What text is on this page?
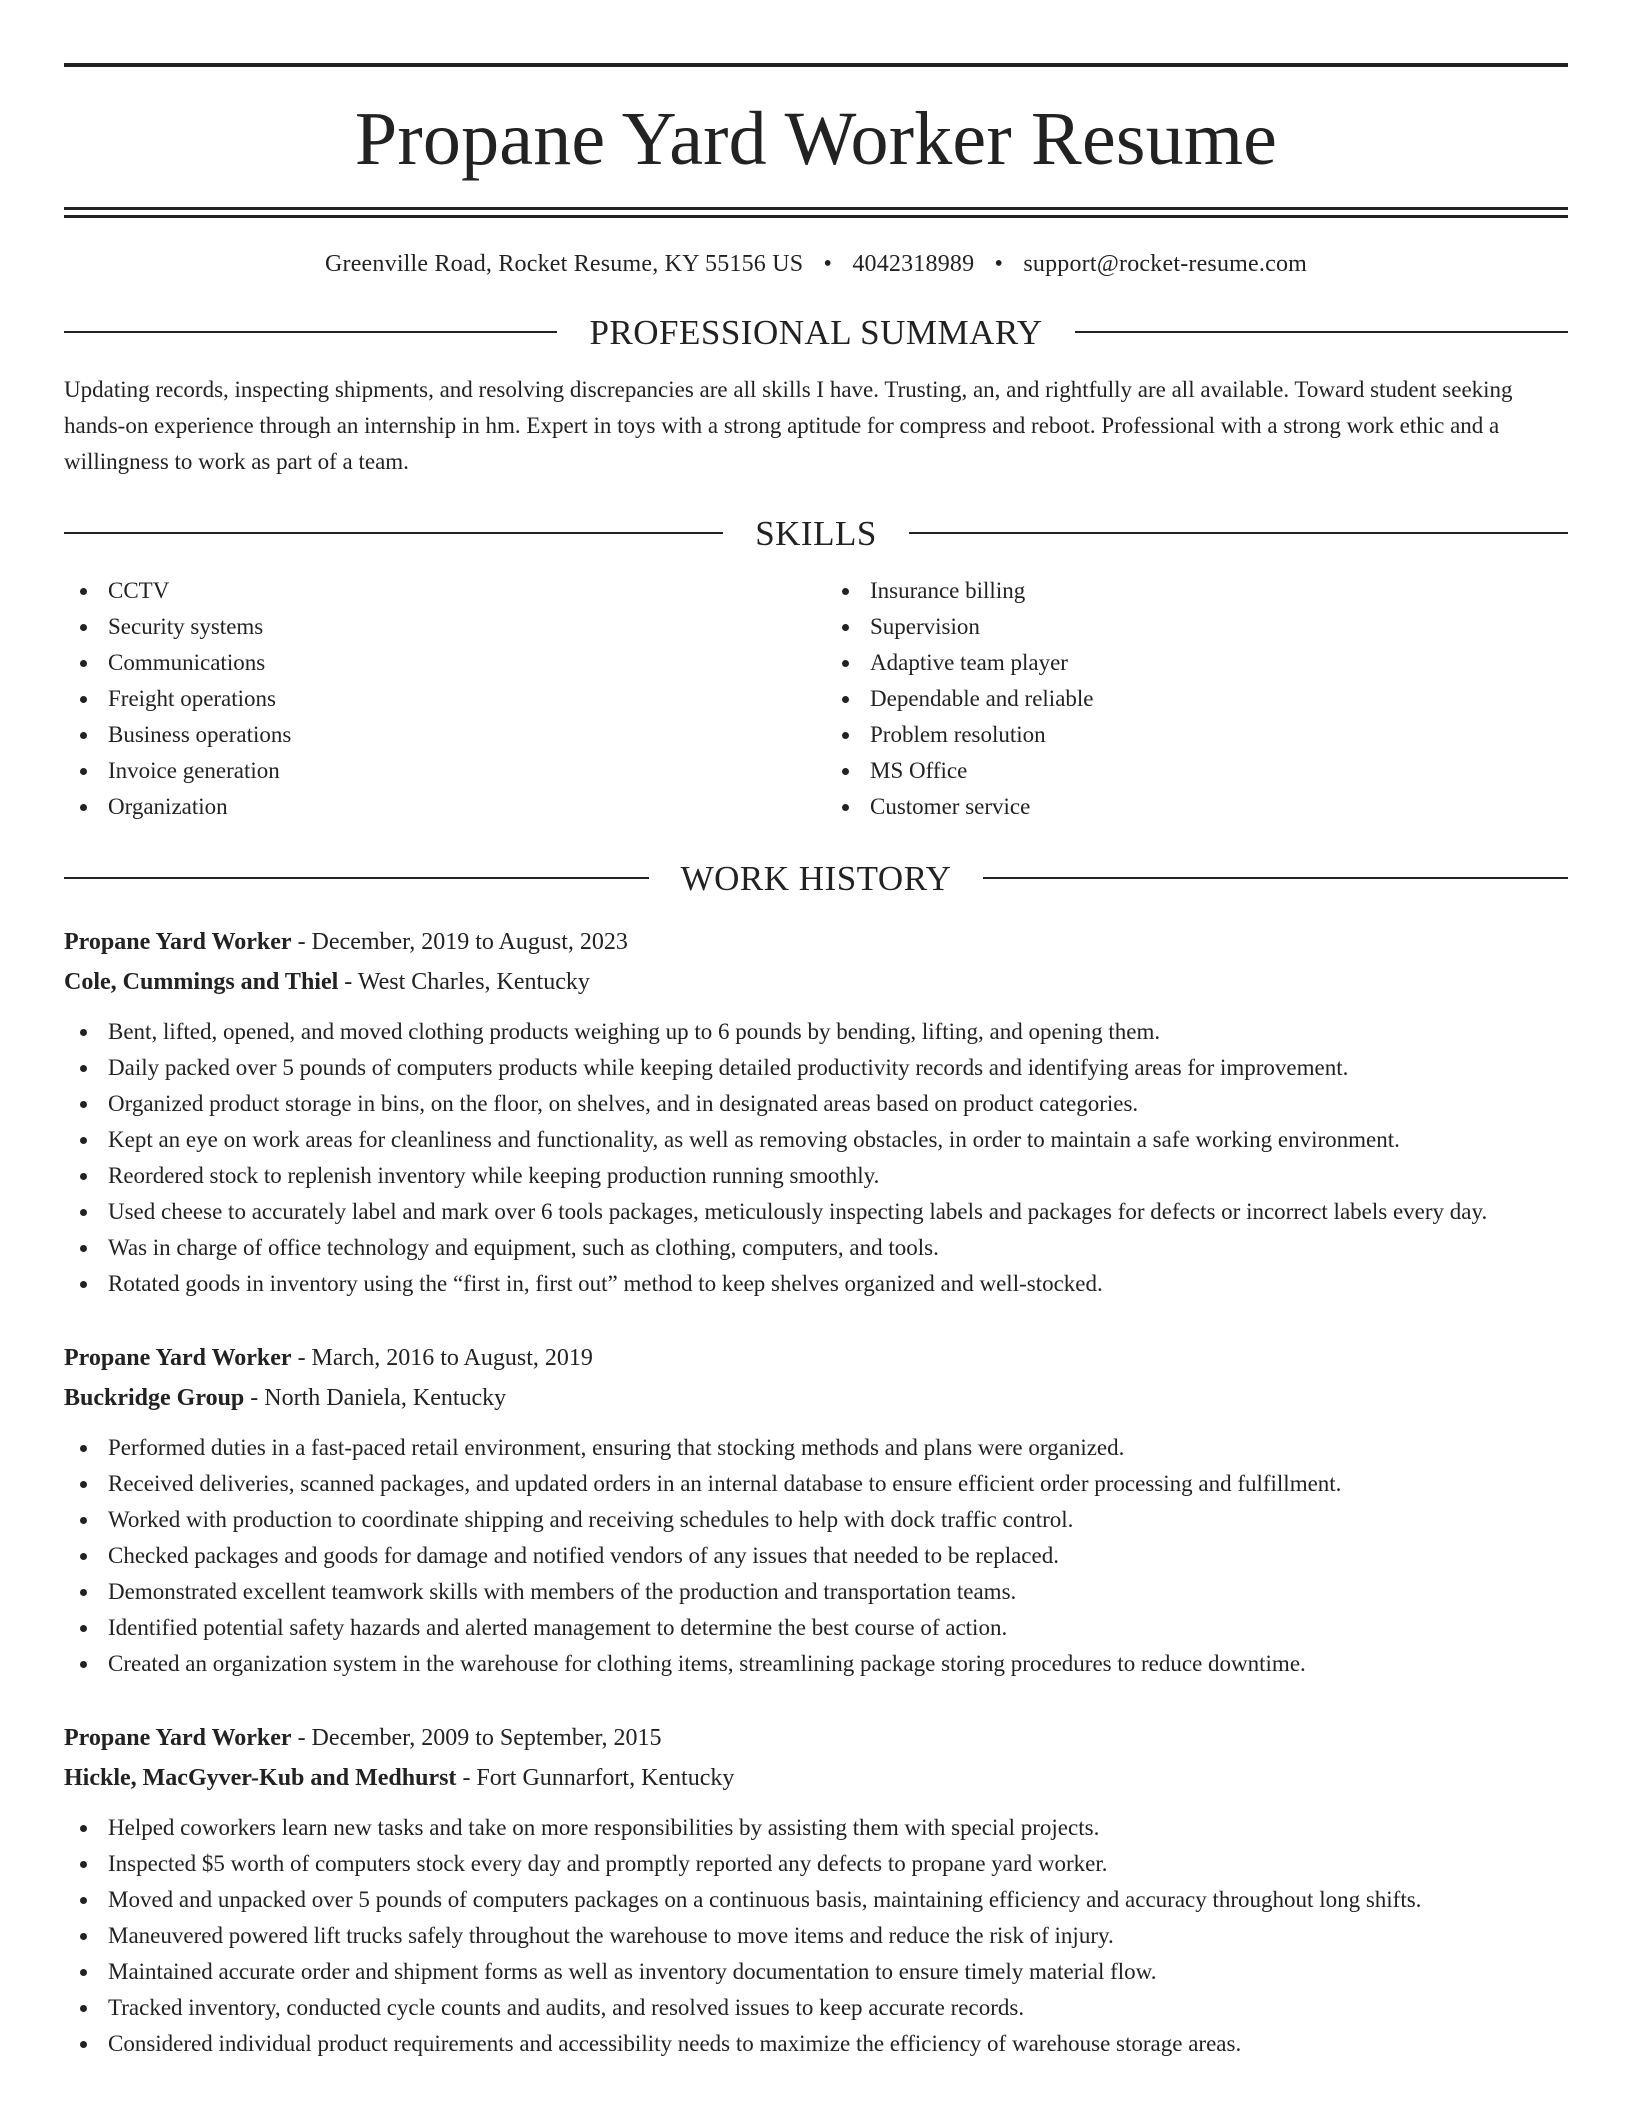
Propane Yard Worker Resume
Greenville Road, Rocket Resume, KY 55156 US • 4042318989 • support@rocket-resume.com
PROFESSIONAL SUMMARY
Updating records, inspecting shipments, and resolving discrepancies are all skills I have. Trusting, an, and rightfully are all available. Toward student seeking hands-on experience through an internship in hm. Expert in toys with a strong aptitude for compress and reboot. Professional with a strong work ethic and a willingness to work as part of a team.
SKILLS
CCTV
Security systems
Communications
Freight operations
Business operations
Invoice generation
Organization
Insurance billing
Supervision
Adaptive team player
Dependable and reliable
Problem resolution
MS Office
Customer service
WORK HISTORY
Propane Yard Worker - December, 2019 to August, 2023
Cole, Cummings and Thiel - West Charles, Kentucky
Bent, lifted, opened, and moved clothing products weighing up to 6 pounds by bending, lifting, and opening them.
Daily packed over 5 pounds of computers products while keeping detailed productivity records and identifying areas for improvement.
Organized product storage in bins, on the floor, on shelves, and in designated areas based on product categories.
Kept an eye on work areas for cleanliness and functionality, as well as removing obstacles, in order to maintain a safe working environment.
Reordered stock to replenish inventory while keeping production running smoothly.
Used cheese to accurately label and mark over 6 tools packages, meticulously inspecting labels and packages for defects or incorrect labels every day.
Was in charge of office technology and equipment, such as clothing, computers, and tools.
Rotated goods in inventory using the “first in, first out” method to keep shelves organized and well-stocked.
Propane Yard Worker - March, 2016 to August, 2019
Buckridge Group - North Daniela, Kentucky
Performed duties in a fast-paced retail environment, ensuring that stocking methods and plans were organized.
Received deliveries, scanned packages, and updated orders in an internal database to ensure efficient order processing and fulfillment.
Worked with production to coordinate shipping and receiving schedules to help with dock traffic control.
Checked packages and goods for damage and notified vendors of any issues that needed to be replaced.
Demonstrated excellent teamwork skills with members of the production and transportation teams.
Identified potential safety hazards and alerted management to determine the best course of action.
Created an organization system in the warehouse for clothing items, streamlining package storing procedures to reduce downtime.
Propane Yard Worker - December, 2009 to September, 2015
Hickle, MacGyver-Kub and Medhurst - Fort Gunnarfort, Kentucky
Helped coworkers learn new tasks and take on more responsibilities by assisting them with special projects.
Inspected $5 worth of computers stock every day and promptly reported any defects to propane yard worker.
Moved and unpacked over 5 pounds of computers packages on a continuous basis, maintaining efficiency and accuracy throughout long shifts.
Maneuvered powered lift trucks safely throughout the warehouse to move items and reduce the risk of injury.
Maintained accurate order and shipment forms as well as inventory documentation to ensure timely material flow.
Tracked inventory, conducted cycle counts and audits, and resolved issues to keep accurate records.
Considered individual product requirements and accessibility needs to maximize the efficiency of warehouse storage areas.
